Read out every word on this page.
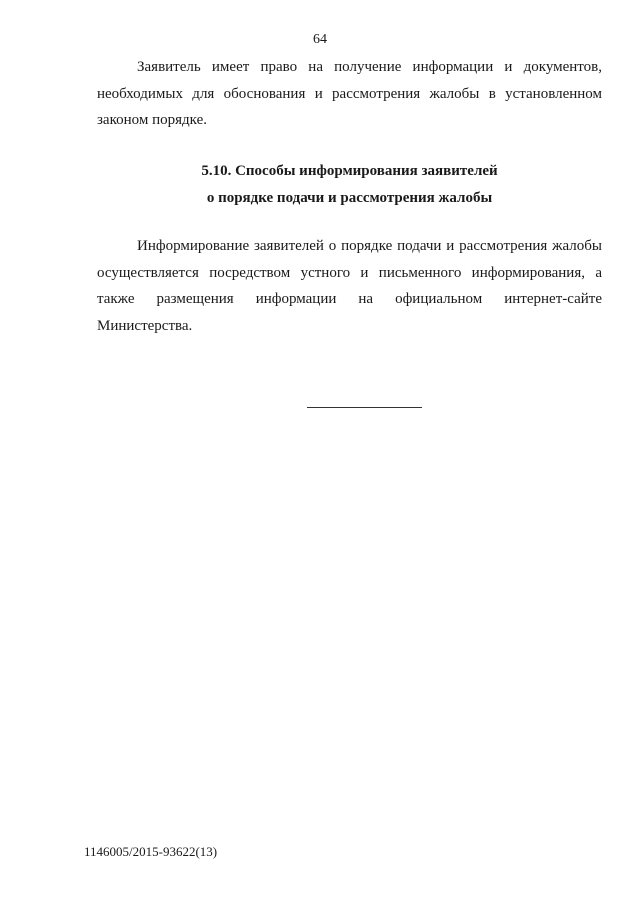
64

Заявитель имеет право на получение информации и документов, необходимых для обоснования и рассмотрения жалобы в установленном законом порядке.

5.10. Способы информирования заявителей
о порядке подачи и рассмотрения жалобы

Информирование заявителей о порядке подачи и рассмотрения жалобы осуществляется посредством устного и письменного информирования, а также размещения информации на официальном интернет-сайте Министерства.

1146005/2015-93622(13)
